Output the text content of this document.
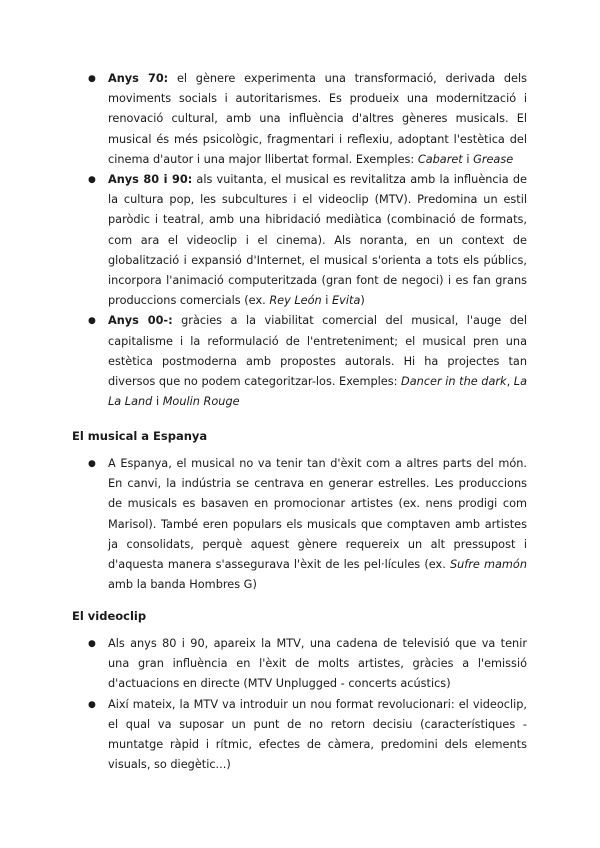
● Anys 70: el gènere experimenta una transformació, derivada dels moviments socials i autoritarismes. Es produeix una modernització i renovació cultural, amb una influència d'altres gèneres musicals. El musical és més psicològic, fragmentari i reflexiu, adoptant l'estètica del cinema d'autor i una major llibertat formal. Exemples: Cabaret i Grease
● Anys 80 i 90: als vuitanta, el musical es revitalitza amb la influència de la cultura pop, les subcultures i el videoclip (MTV). Predomina un estil paròdic i teatral, amb una hibridació mediàtica (combinació de formats, com ara el videoclip i el cinema). Als noranta, en un context de globalització i expansió d'Internet, el musical s'orienta a tots els públics, incorpora l'animació computeritzada (gran font de negoci) i es fan grans produccions comercials (ex. Rey León i Evita)
● Anys 00-: gràcies a la viabilitat comercial del musical, l'auge del capitalisme i la reformulació de l'entreteniment; el musical pren una estètica postmoderna amb propostes autorals. Hi ha projectes tan diversos que no podem categoritzar-los. Exemples: Dancer in the dark, La La Land i Moulin Rouge
El musical a Espanya
● A Espanya, el musical no va tenir tan d'èxit com a altres parts del món. En canvi, la indústria se centrava en generar estrelles. Les produccions de musicals es basaven en promocionar artistes (ex. nens prodigi com Marisol). També eren populars els musicals que comptaven amb artistes ja consolidats, perquè aquest gènere requereix un alt pressupost i d'aquesta manera s'assegurava l'èxit de les pel·lícules (ex. Sufre mamón amb la banda Hombres G)
El videoclip
● Als anys 80 i 90, apareix la MTV, una cadena de televisió que va tenir una gran influència en l'èxit de molts artistes, gràcies a l'emissió d'actuacions en directe (MTV Unplugged - concerts acústics)
● Així mateix, la MTV va introduir un nou format revolucionari: el videoclip, el qual va suposar un punt de no retorn decisiu (característiques - muntatge ràpid i rítmic, efectes de càmera, predomini dels elements visuals, so diegètic...)
